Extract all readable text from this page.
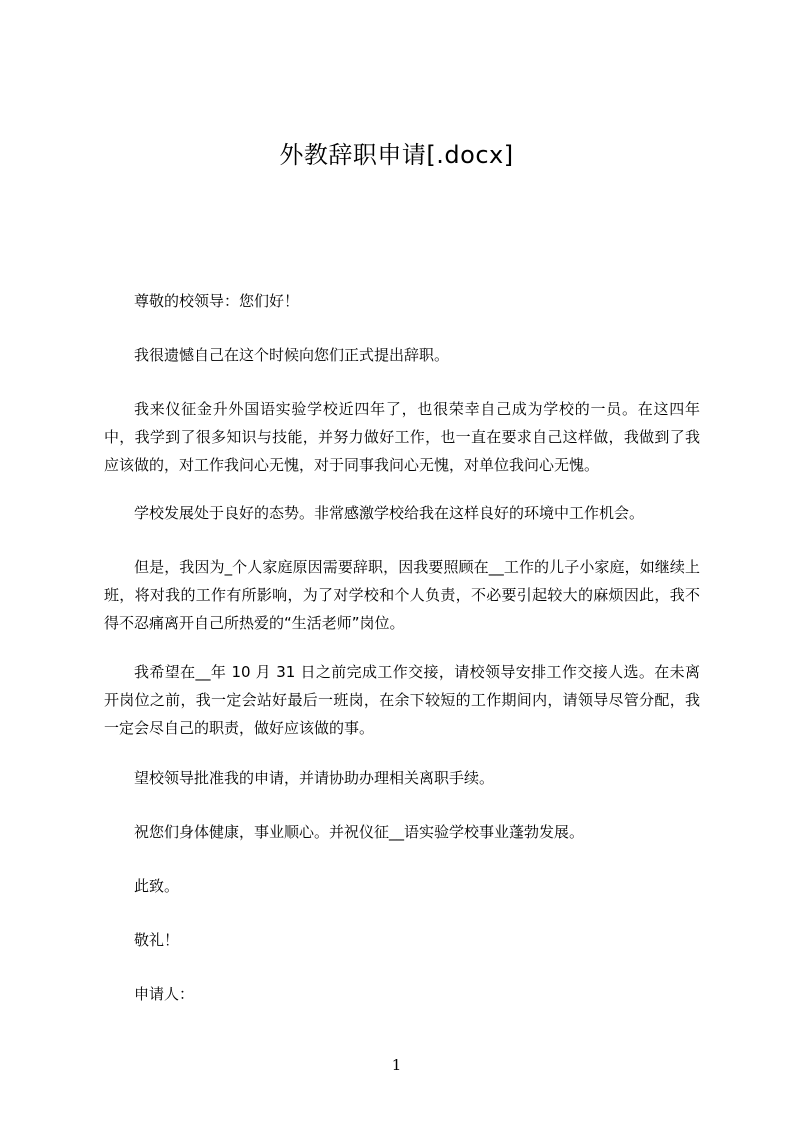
外教辞职申请[.docx]

尊敬的校领导：您们好！

我很遗憾自己在这个时候向您们正式提出辞职。

我来仪征金升外国语实验学校近四年了，也很荣幸自己成为学校的一员。在这四年中，我学到了很多知识与技能，并努力做好工作，也一直在要求自己这样做，我做到了我应该做的，对工作我问心无愧，对于同事我问心无愧，对单位我问心无愧。

学校发展处于良好的态势。非常感激学校给我在这样良好的环境中工作机会。

但是，我因为_个人家庭原因需要辞职，因我要照顾在__工作的儿子小家庭，如继续上班，将对我的工作有所影响，为了对学校和个人负责，不必要引起较大的麻烦因此，我不得不忍痛离开自己所热爱的“生活老师”岗位。

我希望在__年 10 月 31 日之前完成工作交接，请校领导安排工作交接人选。在未离开岗位之前，我一定会站好最后一班岗，在余下较短的工作期间内，请领导尽管分配，我一定会尽自己的职责，做好应该做的事。

望校领导批准我的申请，并请协助办理相关离职手续。

祝您们身体健康，事业顺心。并祝仪征__语实验学校事业蓬勃发展。

此致。

敬礼！

申请人：

1
